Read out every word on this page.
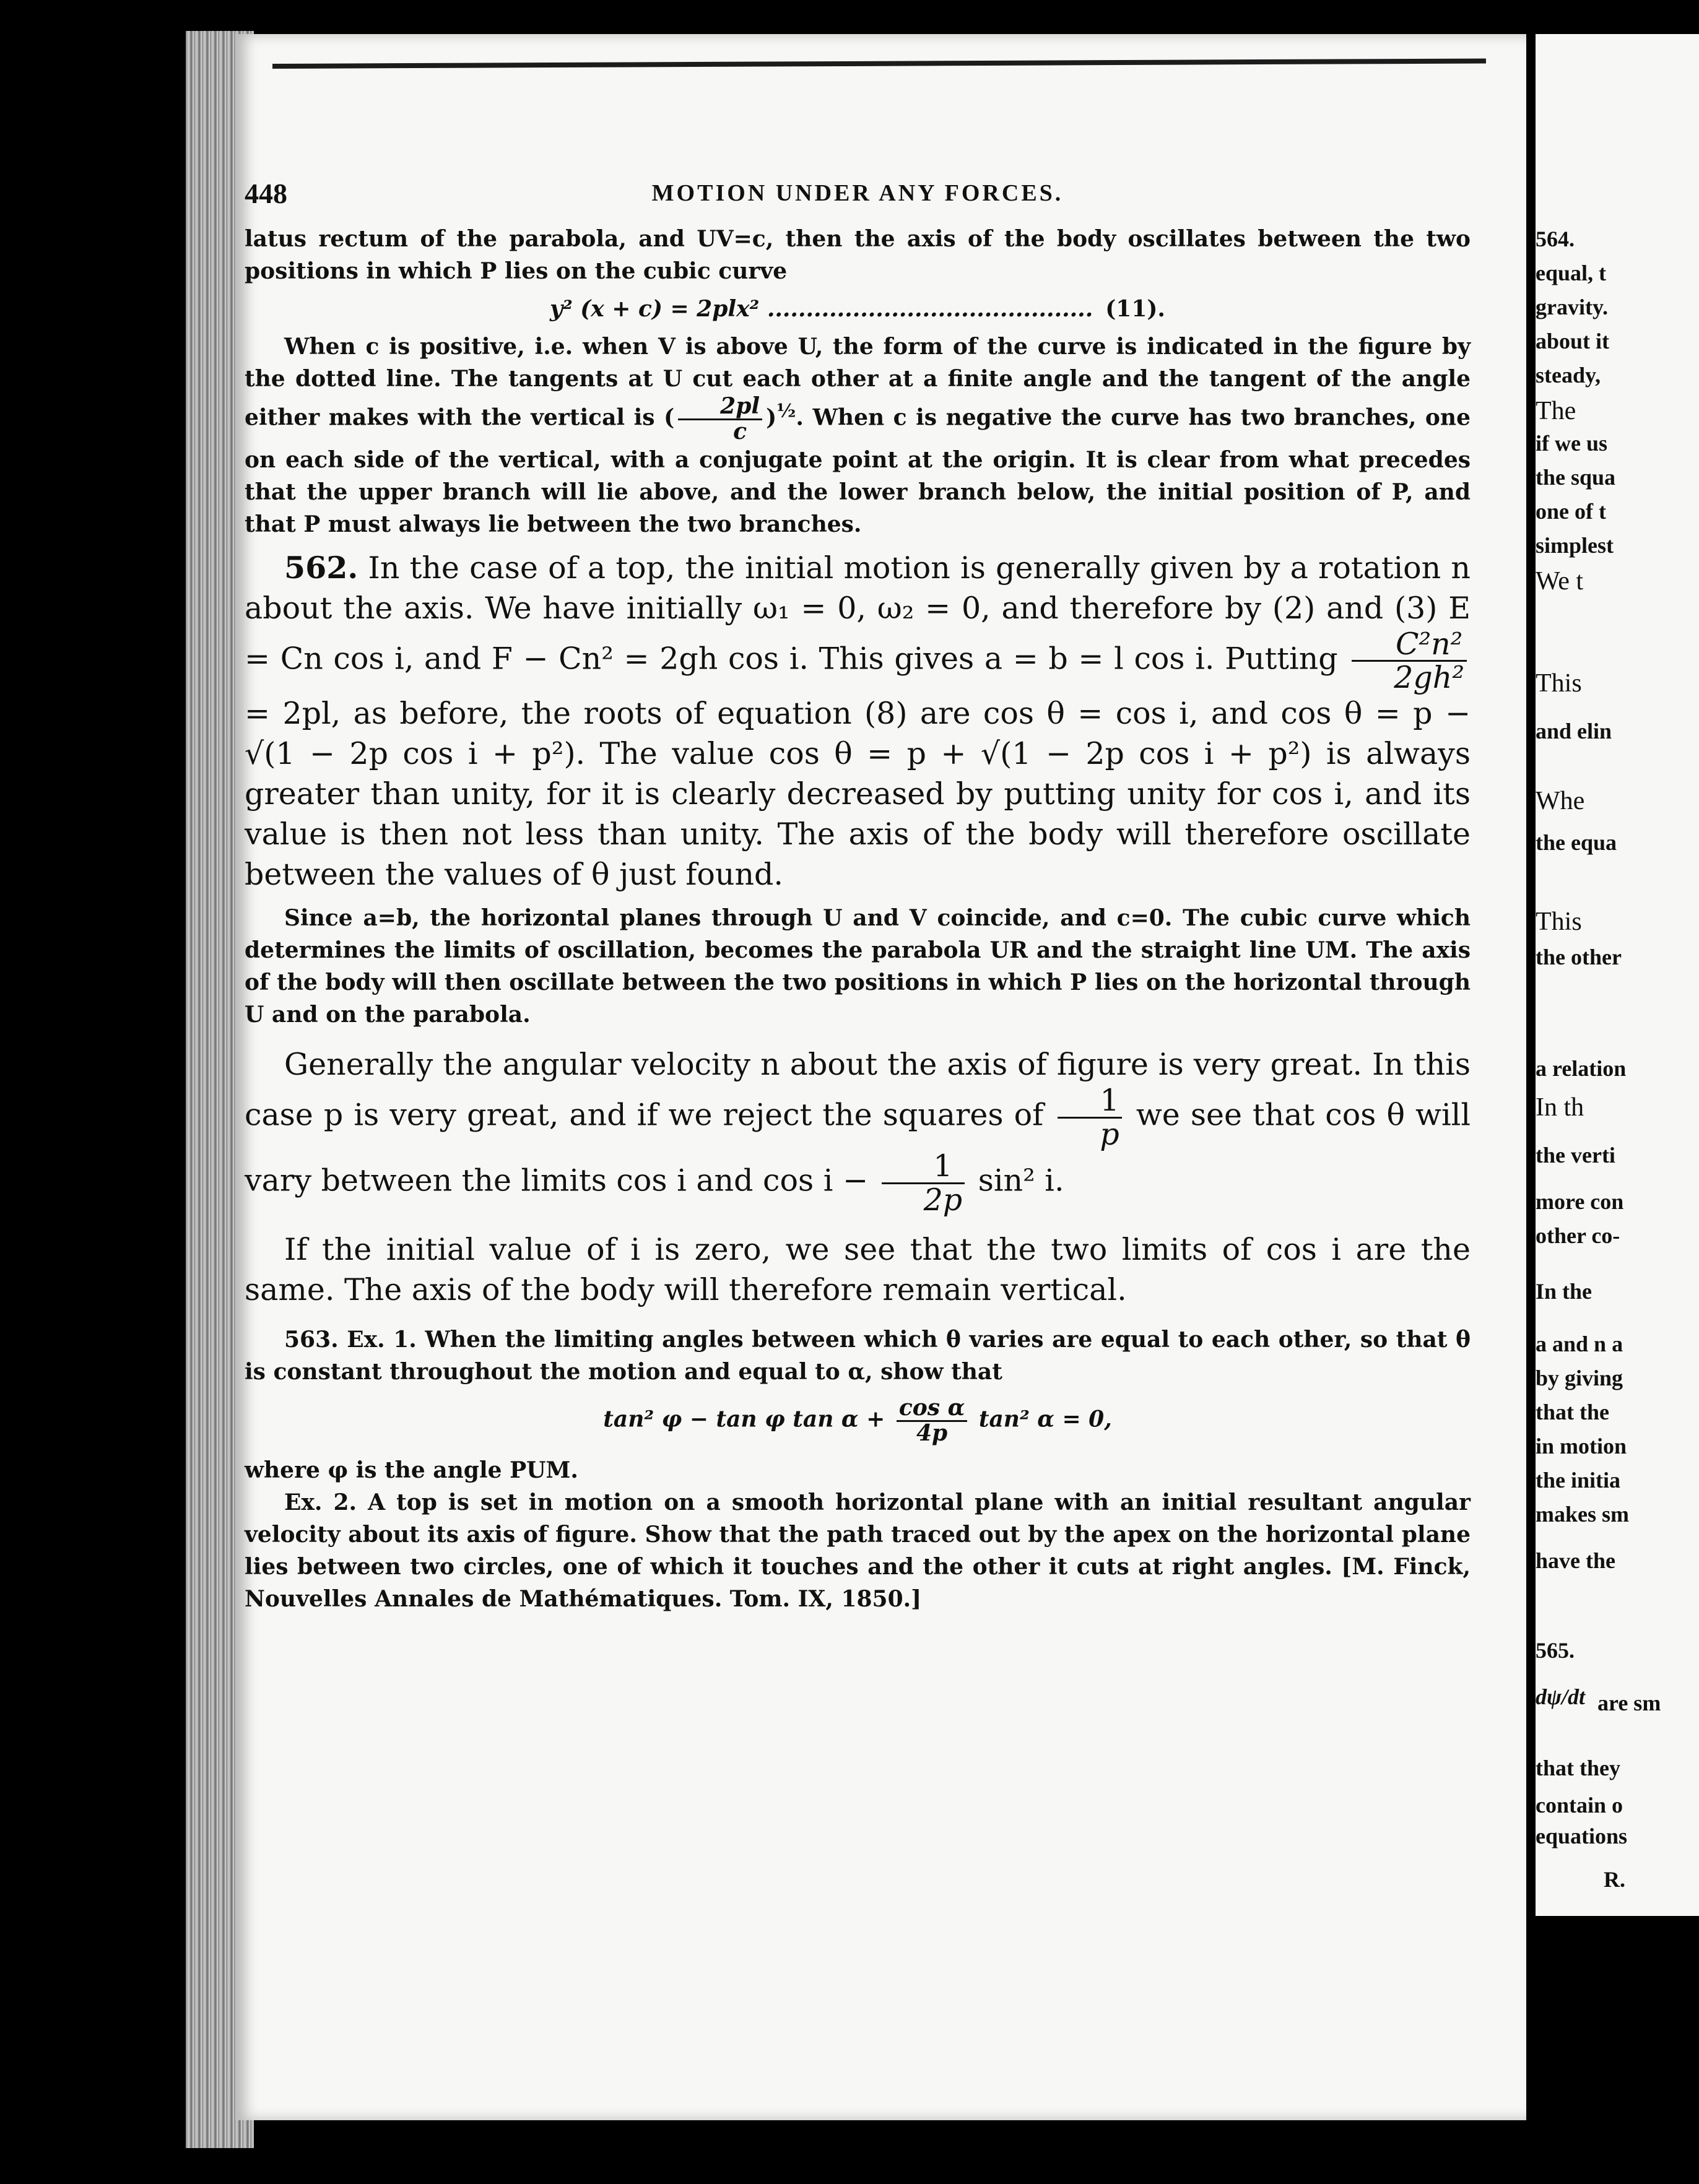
448	MOTION UNDER ANY FORCES.

latus rectum of the parabola, and UV=c, then the axis of the body oscillates between the two positions in which P lies on the cubic curve

y² (x + c) = 2plx² .......................................... (11).

When c is positive, i.e. when V is above U, the form of the curve is indicated in the figure by the dotted line. The tangents at U cut each other at a finite angle and the tangent of the angle either makes with the vertical is ( $\frac{2pl}{c} )^{\frac{1}{2}}$. When c is negative the curve has two branches, one on each side of the vertical, with a conjugate point at the origin. It is clear from what precedes that the upper branch will lie above, and the lower branch below, the initial position of P, and that P must always lie between the two branches.

562. In the case of a top, the initial motion is generally given by a rotation n about the axis. We have initially ω₁ = 0, ω₂ = 0, and therefore by (2) and (3) E = Cn cos i, and F − Cn² = 2gh cos i. This gives a = b = l cos i. Putting $\frac{\text{C²n²}}{\text{2gh²}}$
= 2pl, as before, the roots of equation (8) are cos θ = cos i, and cos θ = p − √(1 − 2p cos i + p²). The value cos θ = p + √(1 − 2p cos i + p²) is always greater than unity, for it is clearly decreased by putting unity for cos i, and its value is then not less than unity. The axis of the body will therefore oscillate between the values of θ just found.

Since a=b, the horizontal planes through U and V coincide, and c=0. The cubic curve which determines the limits of oscillation, becomes the parabola UR and the straight line UM. The axis of the body will then oscillate between the two positions in which P lies on the horizontal through U and on the parabola.

Generally the angular velocity n about the axis of figure is very great. In this case p is very great, and if we reject the squares of $\frac{1}{p}$ we see that cos θ will vary between the limits cos i and $\cos i - \frac{1}{2p} \sin^2$ i.

If the initial value of i is zero, we see that the two limits of cos i are the same. The axis of the body will therefore remain vertical.

563. Ex. 1. When the limiting angles between which θ varies are equal to each other, so that θ is constant throughout the motion and equal to α, show that

tan² φ − tan φ $\tan \alpha + \frac{\text{cos α}}{4p} \tan^2$ α = 0,

where φ is the angle PUM.

Ex. 2. A top is set in motion on a smooth horizontal plane with an initial resultant angular velocity about its axis of figure. Show that the path traced out by the apex on the horizontal plane lies between two circles, one of which it touches and the other it cuts at right angles. [M. Finck, Nouvelles Annales de Mathématiques. Tom. IX, 1850.]

564.
equal, t
gravity.
about it
steady,
The
if we us
the squa
one of t
simplest
We t
This
and elin
Whe
the equa
This
the other
a relation
In th
the verti
more con
other co-
In the
a and n a
by giving
that the
in motion
the initia
makes sm
have the
565.
dψ/dt are sm
that they
contain o
equations
R.
